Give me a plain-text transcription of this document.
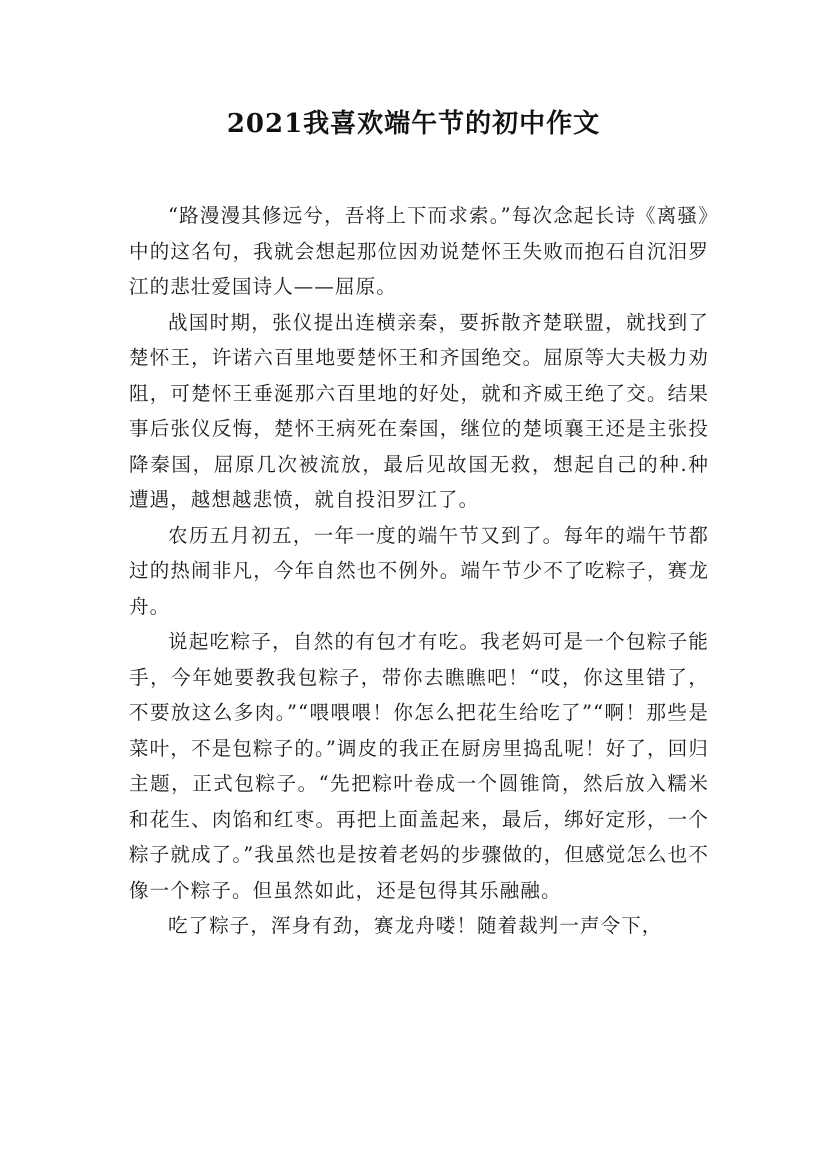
2021我喜欢端午节的初中作文

“路漫漫其修远兮，吾将上下而求索。”每次念起长诗《离骚》中的这名句，我就会想起那位因劝说楚怀王失败而抱石自沉汨罗江的悲壮爱国诗人——屈原。

战国时期，张仪提出连横亲秦，要拆散齐楚联盟，就找到了楚怀王，许诺六百里地要楚怀王和齐国绝交。屈原等大夫极力劝阻，可楚怀王垂涎那六百里地的好处，就和齐威王绝了交。结果事后张仪反悔，楚怀王病死在秦国，继位的楚顷襄王还是主张投降秦国，屈原几次被流放，最后见故国无救，想起自己的种.种遭遇，越想越悲愤，就自投汨罗江了。

农历五月初五，一年一度的端午节又到了。每年的端午节都过的热闹非凡，今年自然也不例外。端午节少不了吃粽子，赛龙舟。

说起吃粽子，自然的有包才有吃。我老妈可是一个包粽子能手，今年她要教我包粽子，带你去瞧瞧吧！“哎，你这里错了，不要放这么多肉。”“喂喂喂！你怎么把花生给吃了”“啊！那些是菜叶，不是包粽子的。”调皮的我正在厨房里捣乱呢！好了，回归主题，正式包粽子。“先把粽叶卷成一个圆锥筒，然后放入糯米和花生、肉馅和红枣。再把上面盖起来，最后，绑好定形，一个粽子就成了。”我虽然也是按着老妈的步骤做的，但感觉怎么也不像一个粽子。但虽然如此，还是包得其乐融融。

吃了粽子，浑身有劲，赛龙舟喽！随着裁判一声令下，
